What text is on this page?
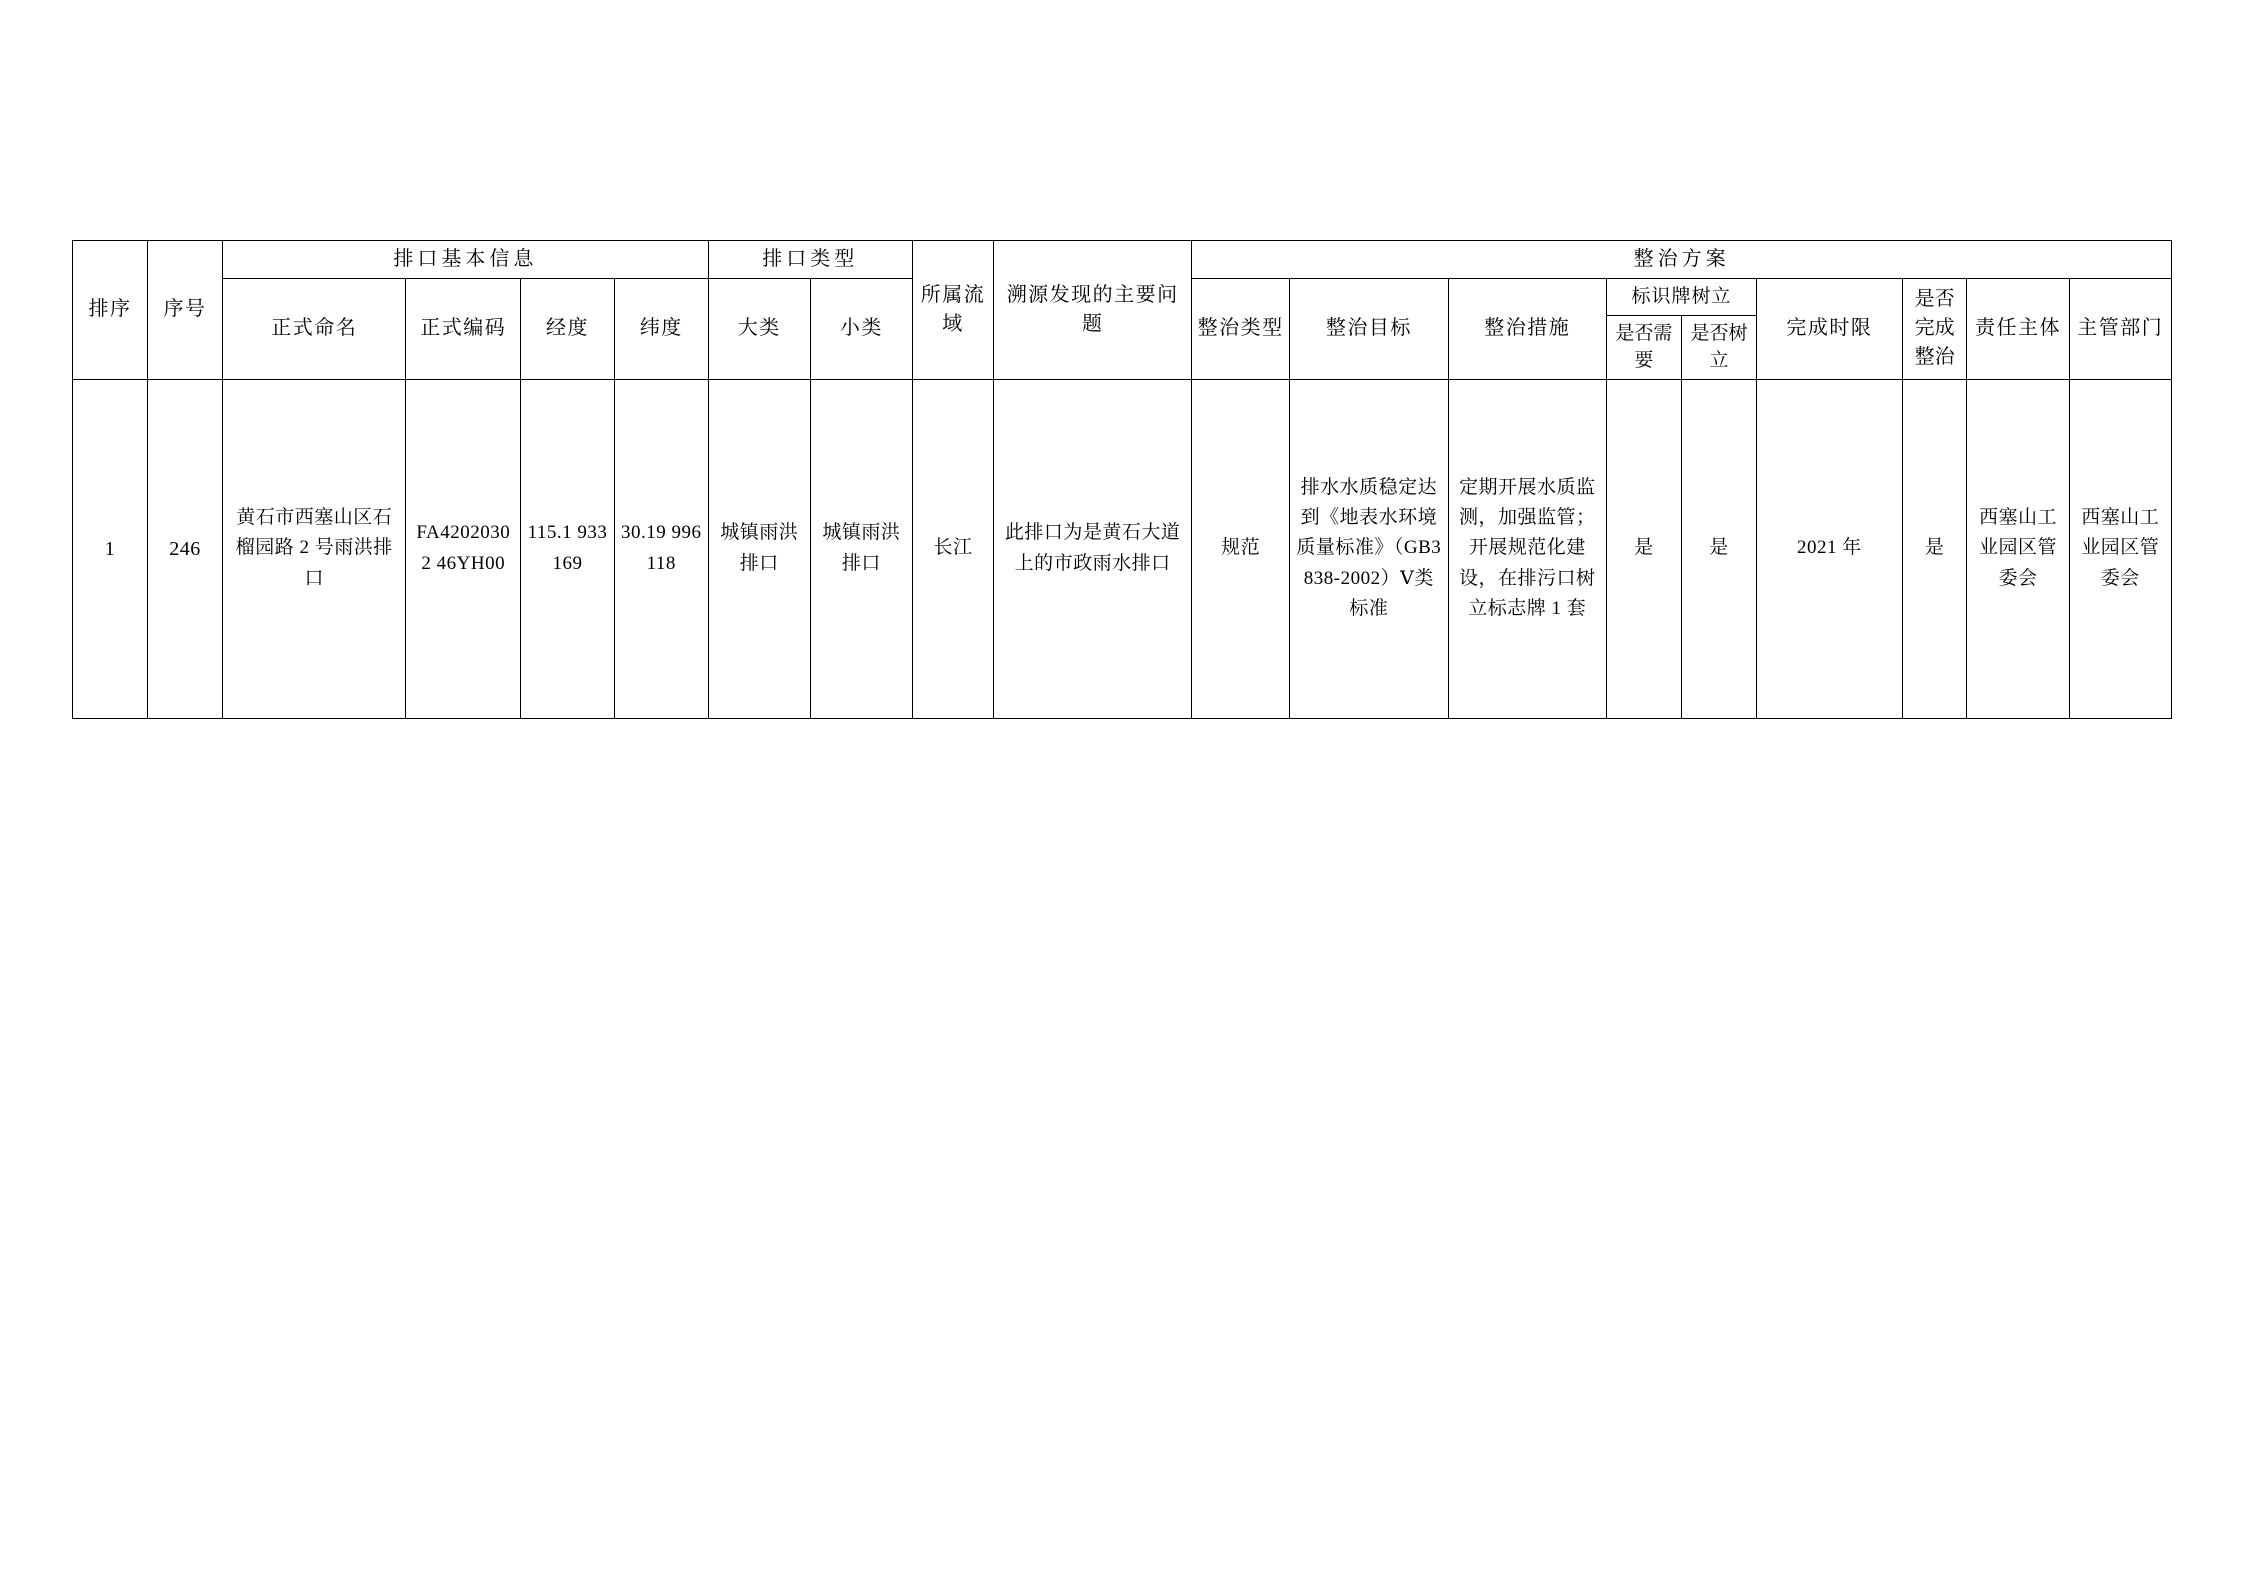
排序	序号	排口基本信息				排口类型		所属流域	溯源发现的主要问题	整治方案								
		正式命名	正式编码	经度	纬度	大类	小类			整治类型	整治目标	整治措施	标识牌树立		完成时限	是否完成整治	责任主体	主管部门
													是否需要	是否树立				
1	246	黄石市西塞山区石榴园路 2 号雨洪排口	FA42020302 46YH00	115.1 933169	30.19 996118	城镇雨洪排口	城镇雨洪排口	长江	此排口为是黄石大道上的市政雨水排口	规范	排水水质稳定达到《地表水环境质量标准》（GB3838-2002）Ⅴ类标准	定期开展水质监测，加强监管；开展规范化建设，在排污口树立标志牌 1 套	是	是	2021 年	是	西塞山工业园区管委会	西塞山工业园区管委会
